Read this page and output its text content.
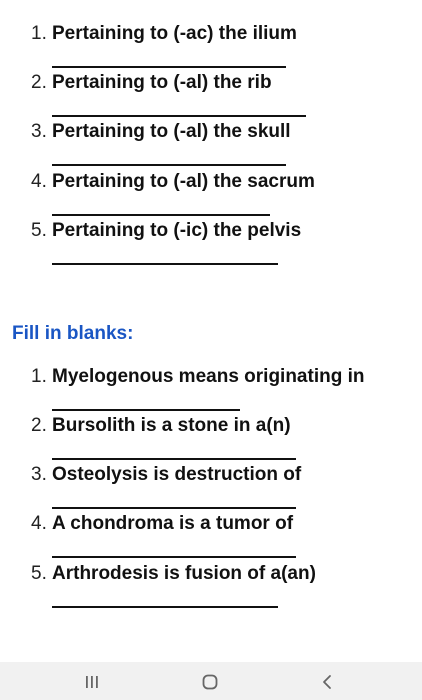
1. Pertaining to (-ac) the ilium
2. Pertaining to (-al) the rib
3. Pertaining to (-al) the skull
4. Pertaining to (-al) the sacrum
5. Pertaining to (-ic) the pelvis
Fill in blanks:
1. Myelogenous means originating in
2. Bursolith is a stone in a(n)
3. Osteolysis is destruction of
4. A chondroma is a tumor of
5. Arthrodesis is fusion of a(an)
